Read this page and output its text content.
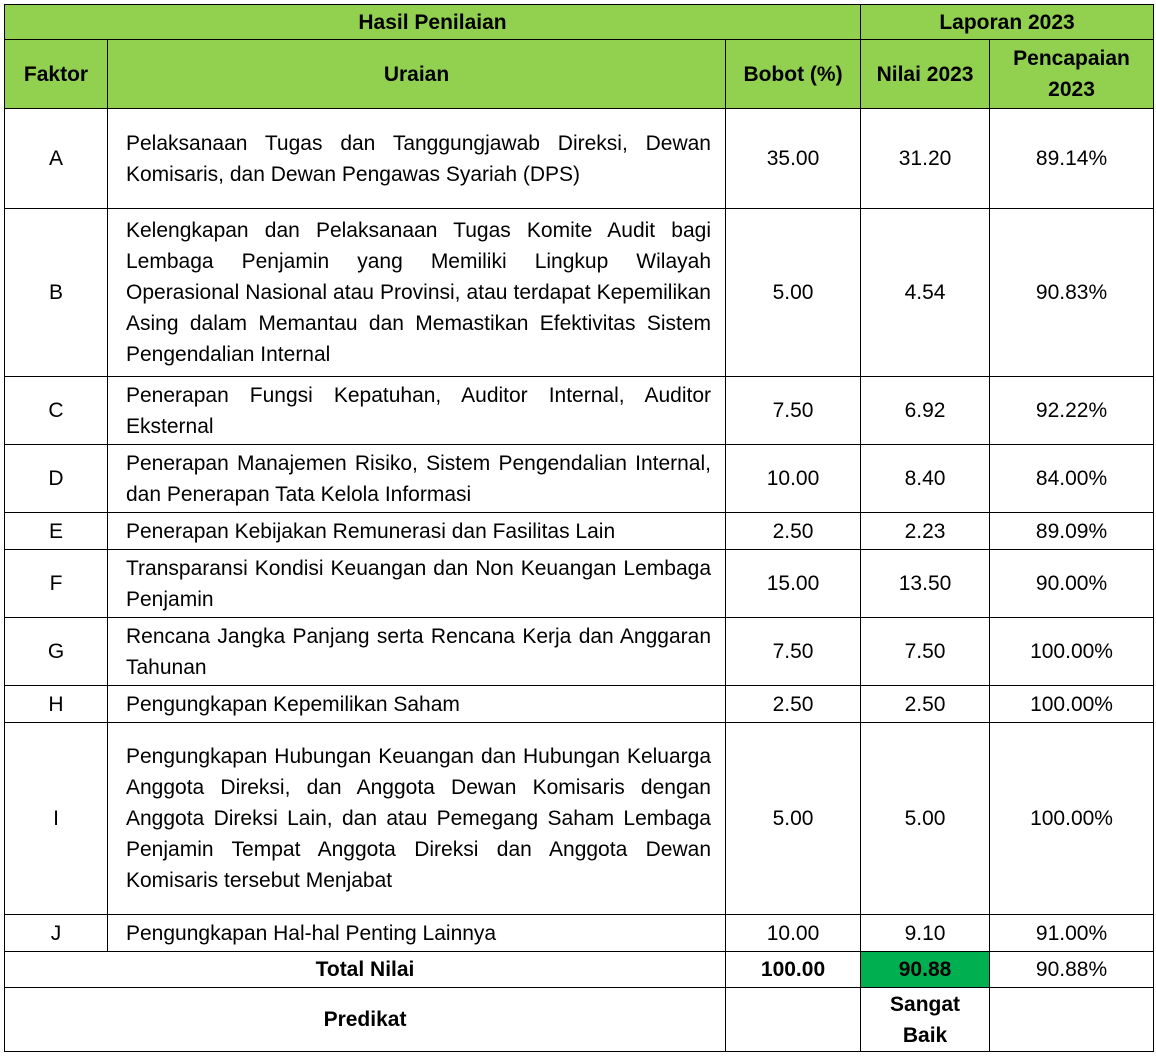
Hasil Penilaian			Laporan 2023	
Faktor	Uraian	Bobot (%)	Nilai 2023	Pencapaian 2023
A	Pelaksanaan Tugas dan Tanggungjawab Direksi, Dewan Komisaris, dan Dewan Pengawas Syariah (DPS)	35.00	31.20	89.14%
B	Kelengkapan dan Pelaksanaan Tugas Komite Audit bagi Lembaga Penjamin yang Memiliki Lingkup Wilayah Operasional Nasional atau Provinsi, atau terdapat Kepemilikan Asing dalam Memantau dan Memastikan Efektivitas Sistem Pengendalian Internal	5.00	4.54	90.83%
C	Penerapan Fungsi Kepatuhan, Auditor Internal, Auditor Eksternal	7.50	6.92	92.22%
D	Penerapan Manajemen Risiko, Sistem Pengendalian Internal, dan Penerapan Tata Kelola Informasi	10.00	8.40	84.00%
E	Penerapan Kebijakan Remunerasi dan Fasilitas Lain	2.50	2.23	89.09%
F	Transparansi Kondisi Keuangan dan Non Keuangan Lembaga Penjamin	15.00	13.50	90.00%
G	Rencana Jangka Panjang serta Rencana Kerja dan Anggaran Tahunan	7.50	7.50	100.00%
H	Pengungkapan Kepemilikan Saham	2.50	2.50	100.00%
I	Pengungkapan Hubungan Keuangan dan Hubungan Keluarga Anggota Direksi, dan Anggota Dewan Komisaris dengan Anggota Direksi Lain, dan atau Pemegang Saham Lembaga Penjamin Tempat Anggota Direksi dan Anggota Dewan Komisaris tersebut Menjabat	5.00	5.00	100.00%
J	Pengungkapan Hal-hal Penting Lainnya	10.00	9.10	91.00%
Total Nilai		100.00	90.88	90.88%
Predikat			Sangat Baik	
